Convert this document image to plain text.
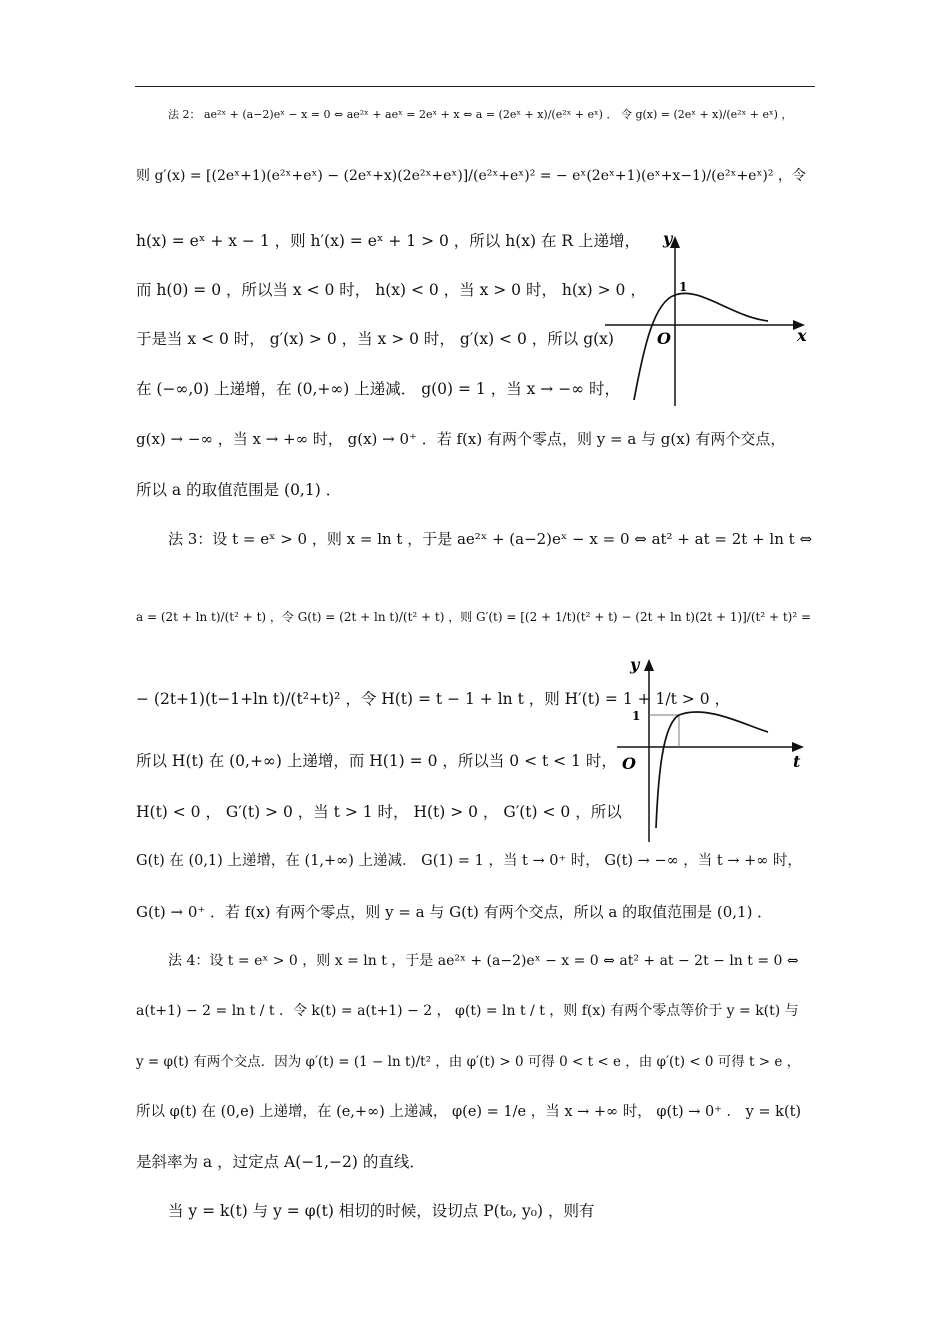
法 2： ae²ˣ + (a−2)eˣ − x = 0 ⇔ ae²ˣ + aeˣ = 2eˣ + x ⇔ a = (2eˣ + x)/(e²ˣ + eˣ) ． 令 g(x) = (2eˣ + x)/(e²ˣ + eˣ) ，
则 g′(x) = [(2eˣ+1)(e²ˣ+eˣ) − (2eˣ+x)(2e²ˣ+eˣ)]/(e²ˣ+eˣ)² = − eˣ(2eˣ+1)(eˣ+x−1)/(e²ˣ+eˣ)² ，令
h(x) = eˣ + x − 1 ，则 h′(x) = eˣ + 1 > 0 ，所以 h(x) 在 R 上递增，
而 h(0) = 0 ，所以当 x < 0 时， h(x) < 0 ，当 x > 0 时， h(x) > 0 ，
于是当 x < 0 时， g′(x) > 0 ，当 x > 0 时， g′(x) < 0 ，所以 g(x)
在 (−∞,0) 上递增，在 (0,+∞) 上递减． g(0) = 1 ，当 x → −∞ 时，
g(x) → −∞ ，当 x → +∞ 时， g(x) → 0⁺ ．若 f(x) 有两个零点，则 y = a 与 g(x) 有两个交点，
所以 a 的取值范围是 (0,1) ．
y
x
O
1
法 3：设 t = eˣ > 0 ，则 x = ln t ，于是 ae²ˣ + (a−2)eˣ − x = 0 ⇔ at² + at = 2t + ln t ⇔
a = (2t + ln t)/(t² + t) ，令 G(t) = (2t + ln t)/(t² + t) ，则 G′(t) = [(2 + 1/t)(t² + t) − (2t + ln t)(2t + 1)]/(t² + t)² =
− (2t+1)(t−1+ln t)/(t²+t)² ，令 H(t) = t − 1 + ln t ，则 H′(t) = 1 + 1/t > 0 ，
所以 H(t) 在 (0,+∞) 上递增，而 H(1) = 0 ，所以当 0 < t < 1 时，
H(t) < 0 ， G′(t) > 0 ，当 t > 1 时， H(t) > 0 ， G′(t) < 0 ，所以
G(t) 在 (0,1) 上递增，在 (1,+∞) 上递减． G(1) = 1 ，当 t → 0⁺ 时， G(t) → −∞ ，当 t → +∞ 时，
G(t) → 0⁺ ．若 f(x) 有两个零点，则 y = a 与 G(t) 有两个交点，所以 a 的取值范围是 (0,1) ．
y
t
O
1
法 4：设 t = eˣ > 0 ，则 x = ln t ，于是 ae²ˣ + (a−2)eˣ − x = 0 ⇔ at² + at − 2t − ln t = 0 ⇔
a(t+1) − 2 = ln t / t ．令 k(t) = a(t+1) − 2 ， φ(t) = ln t / t ，则 f(x) 有两个零点等价于 y = k(t) 与
y = φ(t) 有两个交点．因为 φ′(t) = (1 − ln t)/t² ，由 φ′(t) > 0 可得 0 < t < e ，由 φ′(t) < 0 可得 t > e ，
所以 φ(t) 在 (0,e) 上递增，在 (e,+∞) 上递减， φ(e) = 1/e ，当 x → +∞ 时， φ(t) → 0⁺ ． y = k(t)
是斜率为 a ，过定点 A(−1,−2) 的直线．
当 y = k(t) 与 y = φ(t) 相切的时候，设切点 P(t₀, y₀) ，则有
